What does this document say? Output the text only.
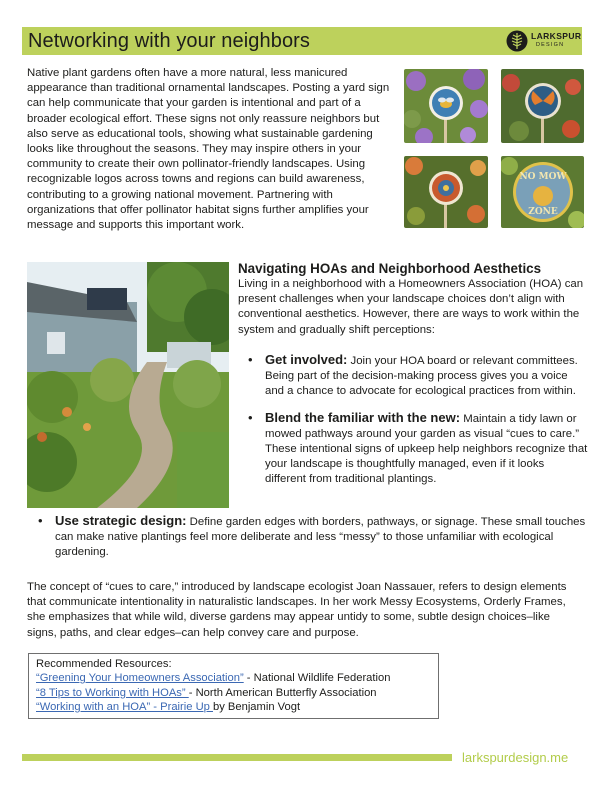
Networking with your neighbors	LARKSPUR
DESIGN
Native plant gardens often have a more natural, less manicured appearance than traditional ornamental landscapes. Posting a yard sign can help communicate that your garden is intentional and part of a broader ecological effort. These signs not only reassure neighbors but also serve as educational tools, showing what sustainable gardening looks like throughout the seasons. They may inspire others in your community to create their own pollinator-friendly landscapes. Using recognizable logos across towns and regions can build awareness, contributing to a growing national movement. Partnering with organizations that offer pollinator habitat signs further amplifies your message and supports this important work.
NO MOW
ZONE
Navigating HOAs and Neighborhood Aesthetics
Living in a neighborhood with a Homeowners Association (HOA) can present challenges when your landscape choices don’t align with conventional aesthetics. However, there are ways to work within the system and gradually shift perceptions:
• Get involved: Join your HOA board or relevant committees. Being part of the decision-making process gives you a voice and a chance to advocate for ecological practices from within.
• Blend the familiar with the new: Maintain a tidy lawn or mowed pathways around your garden as visual “cues to care.” These intentional signs of upkeep help neighbors recognize that your landscape is thoughtfully managed, even if it looks different from traditional plantings.
• Use strategic design: Define garden edges with borders, pathways, or signage. These small touches can make native plantings feel more deliberate and less “messy” to those unfamiliar with ecological gardening.
The concept of “cues to care,” introduced by landscape ecologist Joan Nassauer, refers to design elements that communicate intentionality in naturalistic landscapes. In her work Messy Ecosystems, Orderly Frames, she emphasizes that while wild, diverse gardens may appear untidy to some, subtle design choices–like signs, paths, and clear edges–can help convey care and purpose.
Recommended Resources:
“Greening Your Homeowners Association” - National Wildlife Federation
“8 Tips to Working with HOAs” - North American Butterfly Association
“Working with an HOA” - Prairie Up by Benjamin Vogt
larkspurdesign.me
